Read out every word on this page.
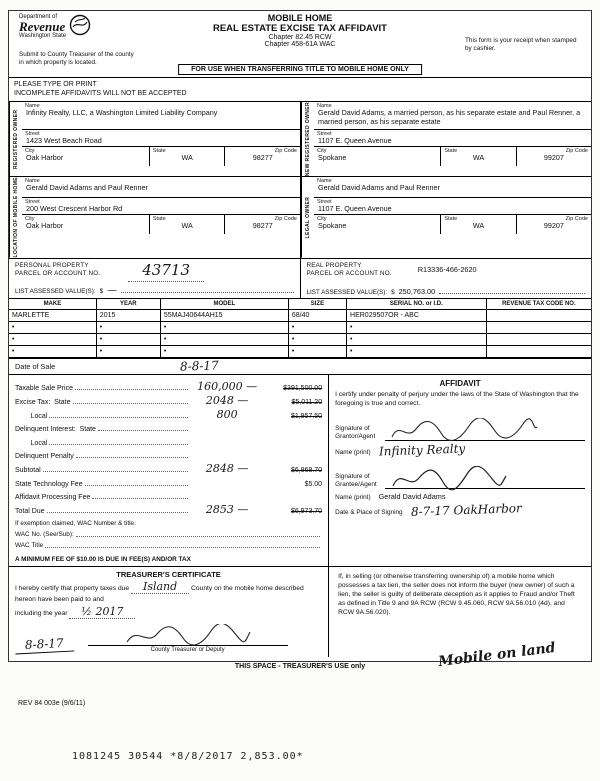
Department of
Revenue
Washington State
Submit to County Treasurer of the county
in which property is located.
MOBILE HOME
REAL ESTATE EXCISE TAX AFFIDAVIT
Chapter 82.45 RCW
Chapter 458-61A WAC
This form is your receipt when stamped
by cashier.
FOR USE WHEN TRANSFERRING TITLE TO MOBILE HOME ONLY
PLEASE TYPE OR PRINT
INCOMPLETE AFFIDAVITS WILL NOT BE ACCEPTED
REGISTERED OWNER
Name
Infinity Realty, LLC, a Washington Limited Liability Company
Street
1423 West Beach Road
City
Oak Harbor
State
WA
Zip Code
98277	NEW REGISTERED OWNER	Name
Gerald David Adams, a married person, as his separate estate and Paul Renner, a married person, as his separate estate
Street
1107 E. Queen Avenue
City
Spokane
State
WA
Zip Code
99207
LOCATION OF MOBILE HOME	Name
Gerald David Adams and Paul Renner
Street
200 West Crescent Harbor Rd
City
Oak Harbor
State
WA
Zip Code
98277	LEGAL OWNER
Name
Gerald David Adams and Paul Renner
Street
1107 E. Queen Avenue
City
Spokane
State
WA
Zip Code
99207
PERSONAL PROPERTY
PARCEL OR ACCOUNT NO.	43713
LIST ASSESSED VALUE(S): $ —
REAL PROPERTY
PARCEL OR ACCOUNT NO.	R13336-466-2620
LIST ASSESSED VALUE(S): $ 250,763.00
MAKE	YEAR	MODEL	SIZE	SERIAL NO. or I.D.	REVENUE TAX CODE NO.
MARLETTE	2015	55MAJ40644AH15	68/40	HER029507OR - ABC	
•	•	•	•	•	
•	•	•	•	•	
•	•	•	•	•	
Date of Sale	8-8-17
Taxable Sale Price	160,000 —	$391,500.00
Excise Tax:  State	2048 —	$5,011.20
Local	800	$1,957.50
Delinquent Interest:  State
Local
Delinquent Penalty
Subtotal	2848 —	$6,968.70
State Technology Fee	$5.00
Affidavit Processing Fee
Total Due	2853 —	$6,973.70
If exemption claimed, WAC Number & title:
WAC No. (See/Sub):
WAC Title
A MINIMUM FEE OF $10.00 IS DUE IN FEE(S) AND/OR TAX
AFFIDAVIT
I certify under penalty of perjury under the laws of the State of Washington that the foregoing is true and correct.
Signature of
Grantor/Agent
Name (print) Infinity Realty
Signature of
Grantee/Agent
Name (print) Gerald David Adams
Date & Place of Signing 8-7-17 OakHarbor
TREASURER'S CERTIFICATE
I hereby certify that property taxes due Island County on the mobile home described hereon have been paid to and
including the year ½ 2017
8-8-17	County Treasurer or Deputy
If, in selling (or otherwise transferring ownership of) a mobile home which possesses a tax lien, the seller does not inform the buyer (new owner) of such a lien, the seller is guilty of deliberate deception as it applies to Fraud and/or Theft as defined in Title 9 and 9A RCW (RCW 9.45.060, RCW 9A.56.010 (4d), and RCW 9A.56.020).
THIS SPACE - TREASURER'S USE only	Mobile on land
REV 84 003e (9/6/11)
1081245 30544 *8/8/2017 2,853.00*
